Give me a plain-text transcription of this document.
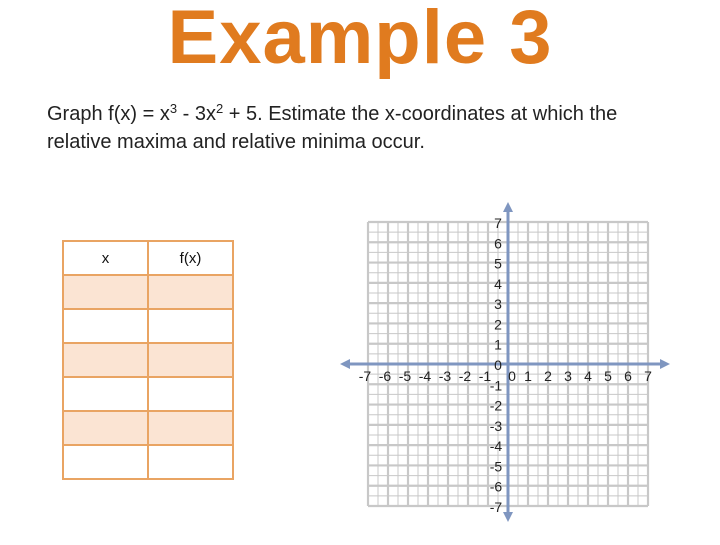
Example 3
Graph $f(x) = x^3 - 3x^2 + 5$. Estimate the x-coordinates at which the relative maxima and relative minima occur.
x	f(x)

-7 -6 -5 -4 -3 -2 -1 0 1 2 3 4 5 6 7
7
6
5
4
3
2
1
0
-1
-2
-3
-4
-5
-6
-7
